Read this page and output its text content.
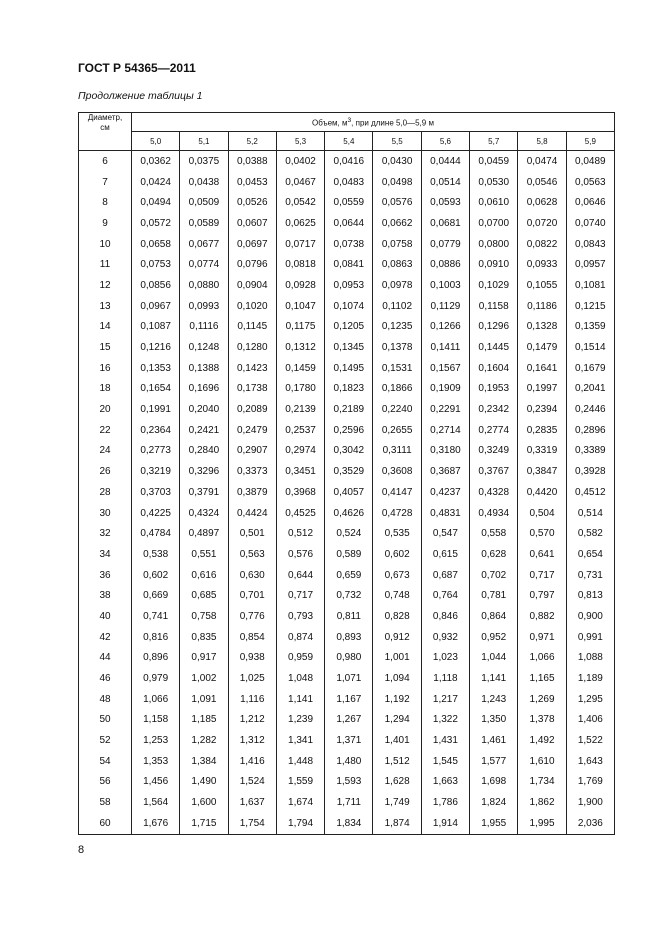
ГОСТ Р 54365—2011
Продолжение таблицы 1
Диаметр,
см	Объем, $м^3$, при длине 5,0—5,9 м									
	5,0	5,1	5,2	5,3	5,4	5,5	5,6	5,7	5,8	5,9
6	0,0362	0,0375	0,0388	0,0402	0,0416	0,0430	0,0444	0,0459	0,0474	0,0489
7	0,0424	0,0438	0,0453	0,0467	0,0483	0,0498	0,0514	0,0530	0,0546	0,0563
8	0,0494	0,0509	0,0526	0,0542	0,0559	0,0576	0,0593	0,0610	0,0628	0,0646
9	0,0572	0,0589	0,0607	0,0625	0,0644	0,0662	0,0681	0,0700	0,0720	0,0740
10	0,0658	0,0677	0,0697	0,0717	0,0738	0,0758	0,0779	0,0800	0,0822	0,0843
11	0,0753	0,0774	0,0796	0,0818	0,0841	0,0863	0,0886	0,0910	0,0933	0,0957
12	0,0856	0,0880	0,0904	0,0928	0,0953	0,0978	0,1003	0,1029	0,1055	0,1081
13	0,0967	0,0993	0,1020	0,1047	0,1074	0,1102	0,1129	0,1158	0,1186	0,1215
14	0,1087	0,1116	0,1145	0,1175	0,1205	0,1235	0,1266	0,1296	0,1328	0,1359
15	0,1216	0,1248	0,1280	0,1312	0,1345	0,1378	0,1411	0,1445	0,1479	0,1514
16	0,1353	0,1388	0,1423	0,1459	0,1495	0,1531	0,1567	0,1604	0,1641	0,1679
18	0,1654	0,1696	0,1738	0,1780	0,1823	0,1866	0,1909	0,1953	0,1997	0,2041
20	0,1991	0,2040	0,2089	0,2139	0,2189	0,2240	0,2291	0,2342	0,2394	0,2446
22	0,2364	0,2421	0,2479	0,2537	0,2596	0,2655	0,2714	0,2774	0,2835	0,2896
24	0,2773	0,2840	0,2907	0,2974	0,3042	0,3111	0,3180	0,3249	0,3319	0,3389
26	0,3219	0,3296	0,3373	0,3451	0,3529	0,3608	0,3687	0,3767	0,3847	0,3928
28	0,3703	0,3791	0,3879	0,3968	0,4057	0,4147	0,4237	0,4328	0,4420	0,4512
30	0,4225	0,4324	0,4424	0,4525	0,4626	0,4728	0,4831	0,4934	0,504	0,514
32	0,4784	0,4897	0,501	0,512	0,524	0,535	0,547	0,558	0,570	0,582
34	0,538	0,551	0,563	0,576	0,589	0,602	0,615	0,628	0,641	0,654
36	0,602	0,616	0,630	0,644	0,659	0,673	0,687	0,702	0,717	0,731
38	0,669	0,685	0,701	0,717	0,732	0,748	0,764	0,781	0,797	0,813
40	0,741	0,758	0,776	0,793	0,811	0,828	0,846	0,864	0,882	0,900
42	0,816	0,835	0,854	0,874	0,893	0,912	0,932	0,952	0,971	0,991
44	0,896	0,917	0,938	0,959	0,980	1,001	1,023	1,044	1,066	1,088
46	0,979	1,002	1,025	1,048	1,071	1,094	1,118	1,141	1,165	1,189
48	1,066	1,091	1,116	1,141	1,167	1,192	1,217	1,243	1,269	1,295
50	1,158	1,185	1,212	1,239	1,267	1,294	1,322	1,350	1,378	1,406
52	1,253	1,282	1,312	1,341	1,371	1,401	1,431	1,461	1,492	1,522
54	1,353	1,384	1,416	1,448	1,480	1,512	1,545	1,577	1,610	1,643
56	1,456	1,490	1,524	1,559	1,593	1,628	1,663	1,698	1,734	1,769
58	1,564	1,600	1,637	1,674	1,711	1,749	1,786	1,824	1,862	1,900
60	1,676	1,715	1,754	1,794	1,834	1,874	1,914	1,955	1,995	2,036
8
